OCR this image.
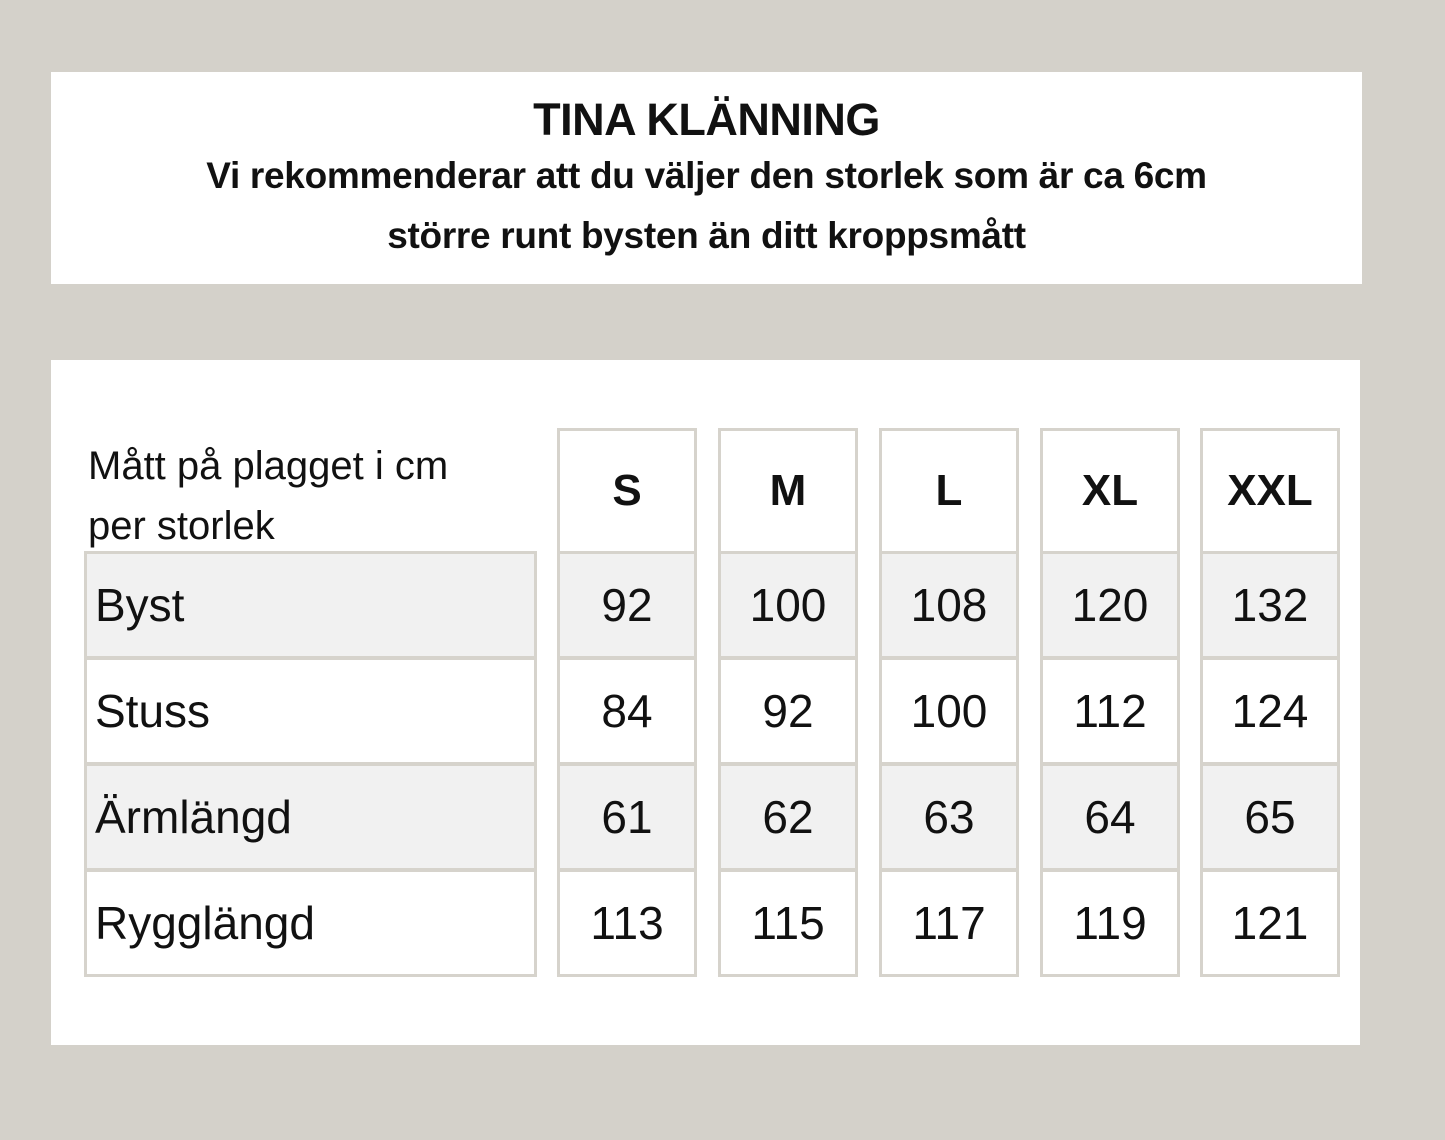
TINA KLÄNNING
Vi rekommenderar att du väljer den storlek som är ca 6cm
större runt bysten än ditt kroppsmått
Mått på plagget i cm
per storlek
S	M	L	XL	XXL
Byst	92	100	108	120	132
Stuss	84	92	100	112	124
Ärmlängd	61	62	63	64	65
Rygglängd	113	115	117	119	121
